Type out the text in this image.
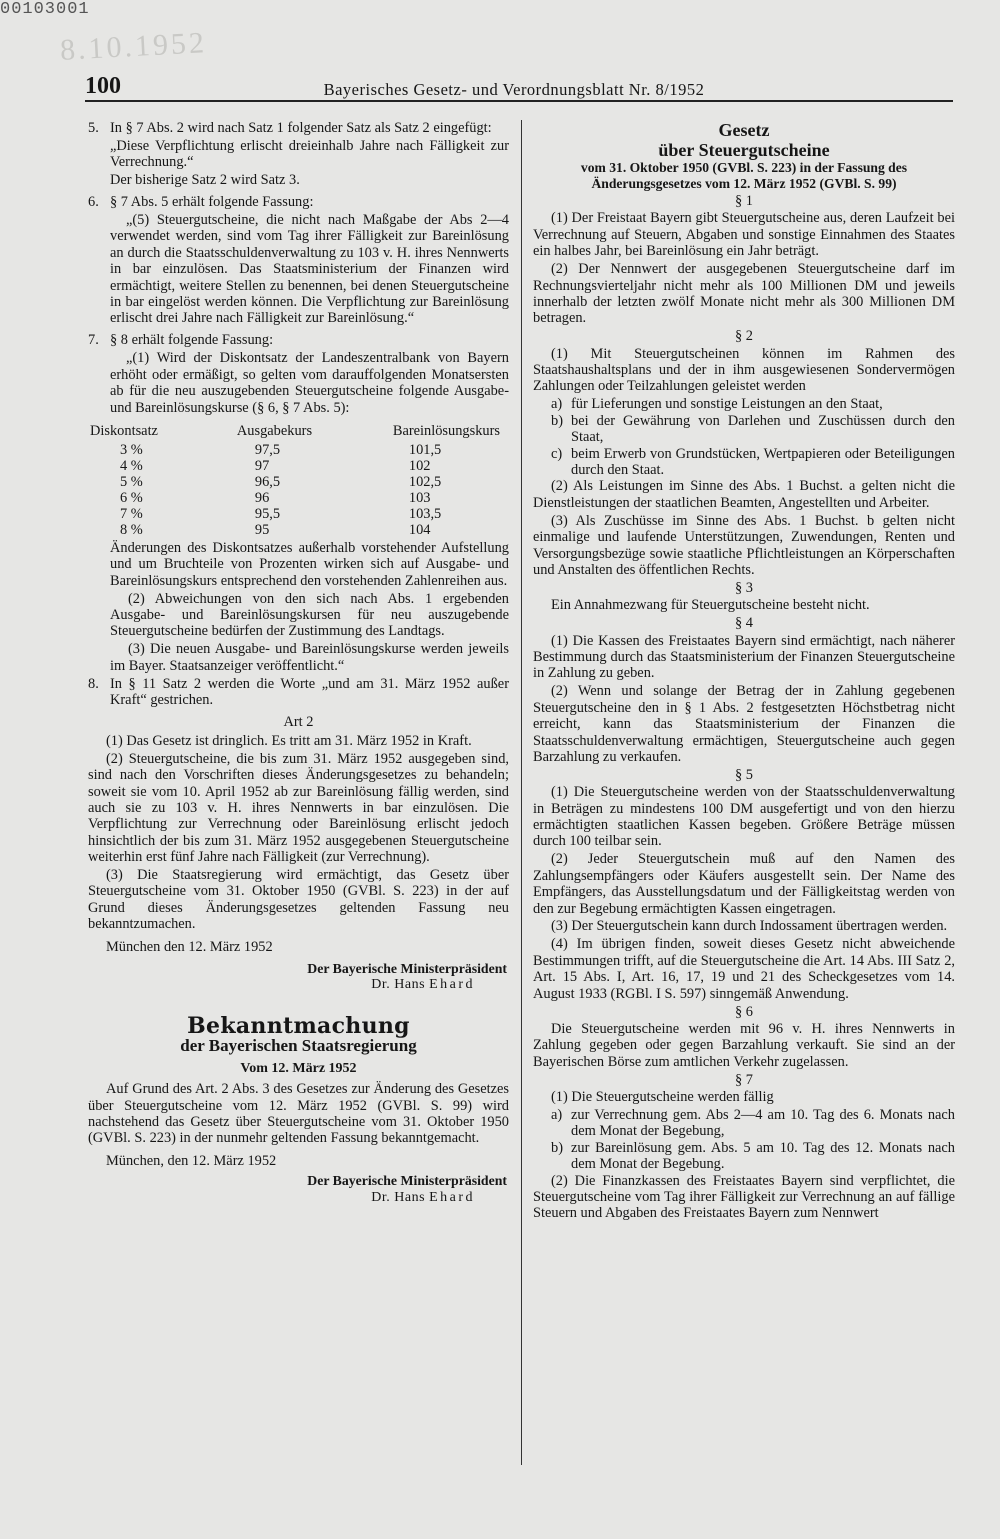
00103001
8.10.1952
100	Bayerisches Gesetz- und Verordnungsblatt Nr. 8/1952
5. In § 7 Abs. 2 wird nach Satz 1 folgender Satz als Satz 2 eingefügt:

„Diese Verpflichtung erlischt dreieinhalb Jahre nach Fälligkeit zur Verrechnung.“

Der bisherige Satz 2 wird Satz 3.

6. § 7 Abs. 5 erhält folgende Fassung:

„(5) Steuergutscheine, die nicht nach Maßgabe der Abs 2—4 verwendet werden, sind vom Tag ihrer Fälligkeit zur Bareinlösung an durch die Staatsschuldenverwaltung zu 103 v. H. ihres Nennwerts in bar einzulösen. Das Staatsministerium der Finanzen wird ermächtigt, weitere Stellen zu benennen, bei denen Steuergutscheine in bar eingelöst werden können. Die Verpflichtung zur Bareinlösung erlischt drei Jahre nach Fälligkeit zur Bareinlösung.“

7. § 8 erhält folgende Fassung:

„(1) Wird der Diskontsatz der Landeszentralbank von Bayern erhöht oder ermäßigt, so gelten vom darauffolgenden Monatsersten ab für die neu auszugebenden Steuergutscheine folgende Ausgabe- und Bareinlösungskurse (§ 6, § 7 Abs. 5):

Diskontsatz	Ausgabekurs	Bareinlösungskurs
3 %	97,5	101,5
4 %	97	102
5 %	96,5	102,5
6 %	96	103
7 %	95,5	103,5
8 %	95	104

Änderungen des Diskontsatzes außerhalb vorstehender Aufstellung und um Bruchteile von Prozenten wirken sich auf Ausgabe- und Bareinlösungskurs entsprechend den vorstehenden Zahlenreihen aus.

(2) Abweichungen von den sich nach Abs. 1 ergebenden Ausgabe- und Bareinlösungskursen für neu auszugebende Steuergutscheine bedürfen der Zustimmung des Landtags.

(3) Die neuen Ausgabe- und Bareinlösungskurse werden jeweils im Bayer. Staatsanzeiger veröffentlicht.“

8. In § 11 Satz 2 werden die Worte „und am 31. März 1952 außer Kraft“ gestrichen.

Art 2

(1) Das Gesetz ist dringlich. Es tritt am 31. März 1952 in Kraft.

(2) Steuergutscheine, die bis zum 31. März 1952 ausgegeben sind, sind nach den Vorschriften dieses Änderungsgesetzes zu behandeln; soweit sie vom 10. April 1952 ab zur Bareinlösung fällig werden, sind auch sie zu 103 v. H. ihres Nennwerts in bar einzulösen. Die Verpflichtung zur Verrechnung oder Bareinlösung erlischt jedoch hinsichtlich der bis zum 31. März 1952 ausgegebenen Steuergutscheine weiterhin erst fünf Jahre nach Fälligkeit (zur Verrechnung).

(3) Die Staatsregierung wird ermächtigt, das Gesetz über Steuergutscheine vom 31. Oktober 1950 (GVBl. S. 223) in der auf Grund dieses Änderungsgesetzes geltenden Fassung neu bekanntzumachen.

München den 12. März 1952

Der Bayerische Ministerpräsident
Dr. Hans Ehard
Bekanntmachung
der Bayerischen Staatsregierung
Vom 12. März 1952

Auf Grund des Art. 2 Abs. 3 des Gesetzes zur Änderung des Gesetzes über Steuergutscheine vom 12. März 1952 (GVBl. S. 99) wird nachstehend das Gesetz über Steuergutscheine vom 31. Oktober 1950 (GVBl. S. 223) in der nunmehr geltenden Fassung bekanntgemacht.

München, den 12. März 1952

Der Bayerische Ministerpräsident
Dr. Hans Ehard
Gesetz
über Steuergutscheine
vom 31. Oktober 1950 (GVBl. S. 223) in der Fassung des Änderungsgesetzes vom 12. März 1952 (GVBl. S. 99)
§ 1

(1) Der Freistaat Bayern gibt Steuergutscheine aus, deren Laufzeit bei Verrechnung auf Steuern, Abgaben und sonstige Einnahmen des Staates ein halbes Jahr, bei Bareinlösung ein Jahr beträgt.

(2) Der Nennwert der ausgegebenen Steuergutscheine darf im Rechnungsvierteljahr nicht mehr als 100 Millionen DM und jeweils innerhalb der letzten zwölf Monate nicht mehr als 300 Millionen DM betragen.

§ 2

(1) Mit Steuergutscheinen können im Rahmen des Staatshaushaltsplans und der in ihm ausgewiesenen Sondervermögen Zahlungen oder Teilzahlungen geleistet werden

a) für Lieferungen und sonstige Leistungen an den Staat,
b) bei der Gewährung von Darlehen und Zuschüssen durch den Staat,
c) beim Erwerb von Grundstücken, Wertpapieren oder Beteiligungen durch den Staat.

(2) Als Leistungen im Sinne des Abs. 1 Buchst. a gelten nicht die Dienstleistungen der staatlichen Beamten, Angestellten und Arbeiter.

(3) Als Zuschüsse im Sinne des Abs. 1 Buchst. b gelten nicht einmalige und laufende Unterstützungen, Zuwendungen, Renten und Versorgungsbezüge sowie staatliche Pflichtleistungen an Körperschaften und Anstalten des öffentlichen Rechts.

§ 3

Ein Annahmezwang für Steuergutscheine besteht nicht.

§ 4

(1) Die Kassen des Freistaates Bayern sind ermächtigt, nach näherer Bestimmung durch das Staatsministerium der Finanzen Steuergutscheine in Zahlung zu geben.

(2) Wenn und solange der Betrag der in Zahlung gegebenen Steuergutscheine den in § 1 Abs. 2 festgesetzten Höchstbetrag nicht erreicht, kann das Staatsministerium der Finanzen die Staatsschuldenverwaltung ermächtigen, Steuergutscheine auch gegen Barzahlung zu verkaufen.

§ 5

(1) Die Steuergutscheine werden von der Staatsschuldenverwaltung in Beträgen zu mindestens 100 DM ausgefertigt und von den hierzu ermächtigten staatlichen Kassen begeben. Größere Beträge müssen durch 100 teilbar sein.

(2) Jeder Steuergutschein muß auf den Namen des Zahlungsempfängers oder Käufers ausgestellt sein. Der Name des Empfängers, das Ausstellungsdatum und der Fälligkeitstag werden von den zur Begebung ermächtigten Kassen eingetragen.

(3) Der Steuergutschein kann durch Indossament übertragen werden.

(4) Im übrigen finden, soweit dieses Gesetz nicht abweichende Bestimmungen trifft, auf die Steuergutscheine die Art. 14 Abs. III Satz 2, Art. 15 Abs. I, Art. 16, 17, 19 und 21 des Scheckgesetzes vom 14. August 1933 (RGBl. I S. 597) sinngemäß Anwendung.

§ 6

Die Steuergutscheine werden mit 96 v. H. ihres Nennwerts in Zahlung gegeben oder gegen Barzahlung verkauft. Sie sind an der Bayerischen Börse zum amtlichen Verkehr zugelassen.

§ 7

(1) Die Steuergutscheine werden fällig

a) zur Verrechnung gem. Abs 2—4 am 10. Tag des 6. Monats nach dem Monat der Begebung,
b) zur Bareinlösung gem. Abs. 5 am 10. Tag des 12. Monats nach dem Monat der Begebung.

(2) Die Finanzkassen des Freistaates Bayern sind verpflichtet, die Steuergutscheine vom Tag ihrer Fälligkeit zur Verrechnung an auf fällige Steuern und Abgaben des Freistaates Bayern zum Nennwert
